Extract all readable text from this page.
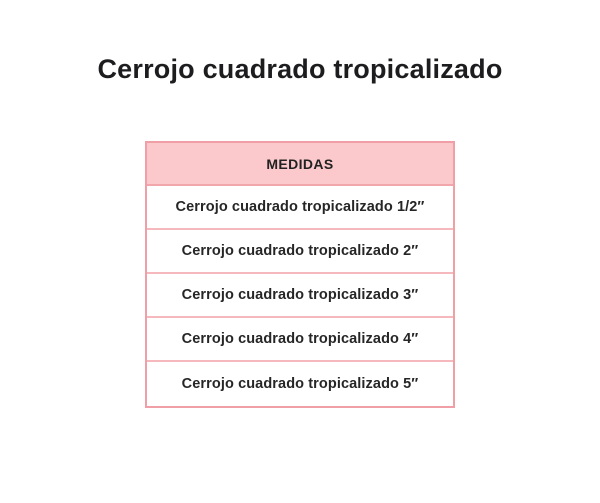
Cerrojo cuadrado tropicalizado
MEDIDAS
Cerrojo cuadrado tropicalizado 1/2″
Cerrojo cuadrado tropicalizado 2″
Cerrojo cuadrado tropicalizado 3″
Cerrojo cuadrado tropicalizado 4″
Cerrojo cuadrado tropicalizado 5″
